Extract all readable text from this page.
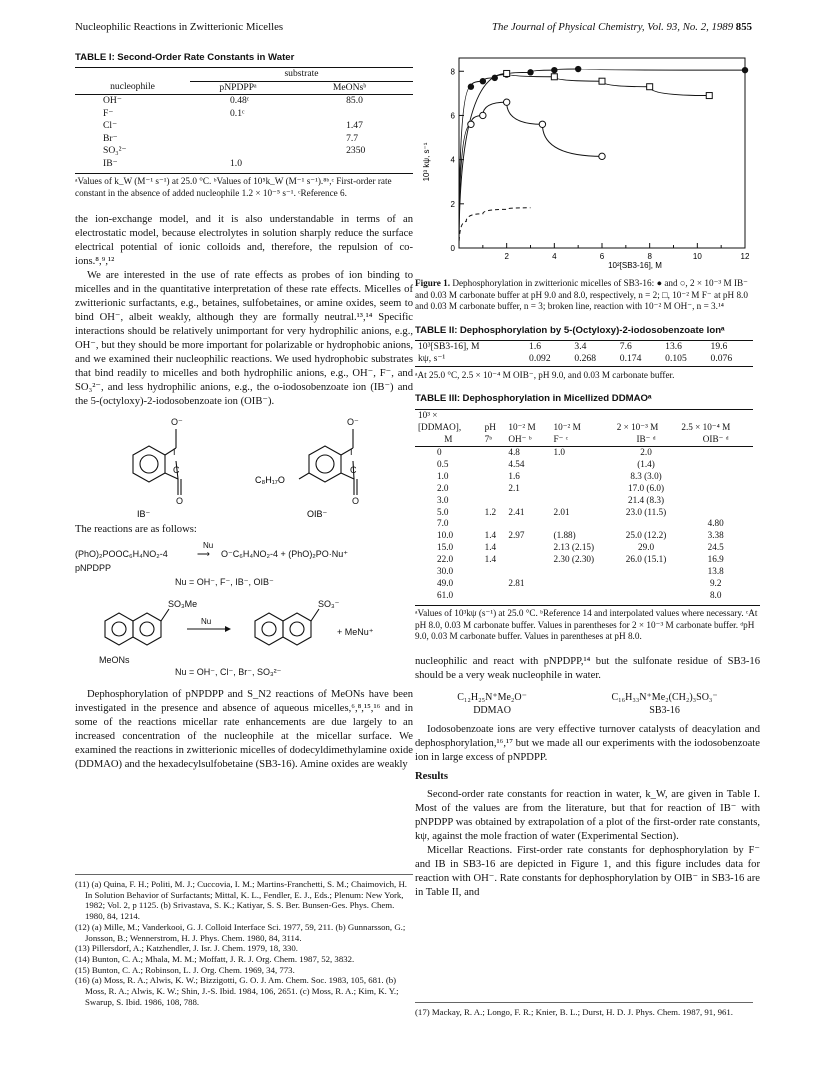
Nucleophilic Reactions in Zwitterionic Micelles	The Journal of Physical Chemistry, Vol. 93, No. 2, 1989 855
TABLE I: Second-Order Rate Constants in Water
	substrate	
nucleophile	pNPDPPᵃ	MeONsᵇ
OH⁻	0.48ᶜ	85.0
F⁻	0.1ᶜ	
Cl⁻		1.47
Br⁻		7.7
SO₃²⁻		2350
IB⁻	1.0	
ᵃValues of k_W (M⁻¹ s⁻¹) at 25.0 °C. ᵇValues of 10⁵k_W (M⁻¹ s⁻¹).⁸ᵇ,ᶜ First-order rate constant in the absence of added nucleophile 1.2 × 10⁻⁵ s⁻¹. ᶜReference 6.

the ion-exchange model, and it is also understandable in terms of an electrostatic model, because electrolytes in solution sharply reduce the surface electrical potential of ionic colloids and, therefore, the repulsion of co-ions.⁸,⁹,¹²

We are interested in the use of rate effects as probes of ion binding to micelles and in the quantitative interpretation of these rate effects. Micelles of zwitterionic surfactants, e.g., betaines, sulfobetaines, or amine oxides, seem to bind OH⁻, albeit weakly, although they are formally neutral.¹³,¹⁴ Specific interactions should be relatively unimportant for very hydrophilic anions, e.g., OH⁻, but they should be more important for polarizable or hydrophobic anions, and we examined their nucleophilic reactions. We used hydrophobic substrates that bind readily to micelles and both hydrophilic anions, e.g., OH⁻, F⁻, and SO₃²⁻, and less hydrophilic anions, e.g., the o-iodosobenzoate ion (IB⁻) and the 5-(octyloxy)-2-iodosobenzoate ion (OIB⁻).

O⁻
I
C
O
O⁻
I
C
O
C₈H₁₇O
IB⁻	OIB⁻

The reactions are as follows:

(PhO)₂POOC₆H₄NO₂-4
Nu
⟶ O⁻C₆H₄NO₂-4 + (PhO)₂PO·Nu⁺
pNPDPP
Nu = OH⁻, F⁻, IB⁻, OIB⁻
SO₃Me
Nu
SO₃⁻
+ MeNu⁺
MeONs
Nu = OH⁻, Cl⁻, Br⁻, SO₃²⁻

Dephosphorylation of pNPDPP and S_N2 reactions of MeONs have been investigated in the presence and absence of aqueous micelles,⁶,⁸,¹⁵,¹⁶ and in some of the reactions micellar rate enhancements are due largely to an increased concentration of the nucleophile at the micellar surface. We examined the reactions in zwitterionic micelles of dodecyldimethylamine oxide (DDMAO) and the hexadecylsulfobetaine (SB3-16). Amine oxides are weakly

(11) (a) Quina, F. H.; Politi, M. J.; Cuccovia, I. M.; Martins-Franchetti, S. M.; Chaimovich, H. In Solution Behavior of Surfactants; Mittal, K. L., Fendler, E. J., Eds.; Plenum: New York, 1982; Vol. 2, p 1125. (b) Srivastava, S. K.; Katiyar, S. S. Ber. Bunsen-Ges. Phys. Chem. 1980, 84, 1214.
(12) (a) Mille, M.; Vanderkooi, G. J. Colloid Interface Sci. 1977, 59, 211. (b) Gunnarsson, G.; Jonsson, B.; Wennerstrom, H. J. Phys. Chem. 1980, 84, 3114.
(13) Pillersdorf, A.; Katzhendler, J. Isr. J. Chem. 1979, 18, 330.
(14) Bunton, C. A.; Mhala, M. M.; Moffatt, J. R. J. Org. Chem. 1987, 52, 3832.
(15) Bunton, C. A.; Robinson, L. J. Org. Chem. 1969, 34, 773.
(16) (a) Moss, R. A.; Alwis, K. W.; Bizzigotti, G. O. J. Am. Chem. Soc. 1983, 105, 681. (b) Moss, R. A.; Alwis, K. W.; Shin, J.-S. Ibid. 1984, 106, 2651. (c) Moss, R. A.; Kim, K. Y.; Swarup, S. Ibid. 1986, 108, 788.
2	4	6	8	10	12
2
4
6
8
0
10³ kψ, s⁻¹
10²[SB3-16], M
Figure 1. Dephosphorylation in zwitterionic micelles of SB3-16: ● and ○, 2 × 10⁻³ M IB⁻ and 0.03 M carbonate buffer at pH 9.0 and 8.0, respectively, n = 2; □, 10⁻² M F⁻ at pH 8.0 and 0.03 M carbonate buffer, n = 3; broken line, reaction with 10⁻² M OH⁻, n = 3.¹⁴
TABLE II: Dephosphorylation by 5-(Octyloxy)-2-iodosobenzoate Ionᵃ
10³[SB3-16], M	1.6	3.4	7.6	13.6	19.6
kψ, s⁻¹	0.092	0.268	0.174	0.105	0.076
ᵃAt 25.0 °C, 2.5 × 10⁻⁴ M OIB⁻, pH 9.0, and 0.03 M carbonate buffer.
TABLE III: Dephosphorylation in Micellized DDMAOᵃ
10³ ×					
[DDMAO],	pH	10⁻² M	10⁻² M	2 × 10⁻³ M	2.5 × 10⁻⁴ M
M	7ᵇ	OH⁻ ᵇ	F⁻ ᶜ	IB⁻ ᵈ	OIB⁻ ᵈ
0		4.8	1.0	2.0	
0.5		4.54		(1.4)	
1.0		1.6		8.3 (3.0)	
2.0		2.1		17.0 (6.0)	
3.0				21.4 (8.3)	
5.0	1.2	2.41	2.01	23.0 (11.5)	
7.0					4.80
10.0	1.4	2.97	(1.88)	25.0 (12.2)	3.38
15.0	1.4		2.13 (2.15)	29.0	24.5
22.0	1.4		2.30 (2.30)	26.0 (15.1)	16.9
30.0					13.8
49.0		2.81			9.2
61.0					8.0
ᵃValues of 10³kψ (s⁻¹) at 25.0 °C. ᵇReference 14 and interpolated values where necessary. ᶜAt pH 8.0, 0.03 M carbonate buffer. Values in parentheses for 2 × 10⁻³ M carbonate buffer. ᵈpH 9.0, 0.03 M carbonate buffer. Values in parentheses at pH 8.0.

nucleophilic and react with pNPDPP,¹⁴ but the sulfonate residue of SB3-16 should be a very weak nucleophile in water.

C₁₂H₂₅N⁺Me₂O⁻
DDMAO
C₁₆H₃₃N⁺Me₂(CH₂)₃SO₃⁻
SB3-16

Iodosobenzoate ions are very effective turnover catalysts of deacylation and dephosphorylation,¹⁶,¹⁷ but we made all our experiments with the iodosobenzoate ion in large excess of pNPDPP.

Results

Second-order rate constants for reaction in water, k_W, are given in Table I. Most of the values are from the literature, but that for reaction of IB⁻ with pNPDPP was obtained by extrapolation of a plot of the first-order rate constants, kψ, against the mole fraction of water (Experimental Section).

Micellar Reactions. First-order rate constants for dephosphorylation by F⁻ and IB in SB3-16 are depicted in Figure 1, and this figure includes data for reaction with OH⁻. Rate constants for dephosphorylation by OIB⁻ in SB3-16 are in Table II, and

(17) Mackay, R. A.; Longo, F. R.; Knier, B. L.; Durst, H. D. J. Phys. Chem. 1987, 91, 961.
